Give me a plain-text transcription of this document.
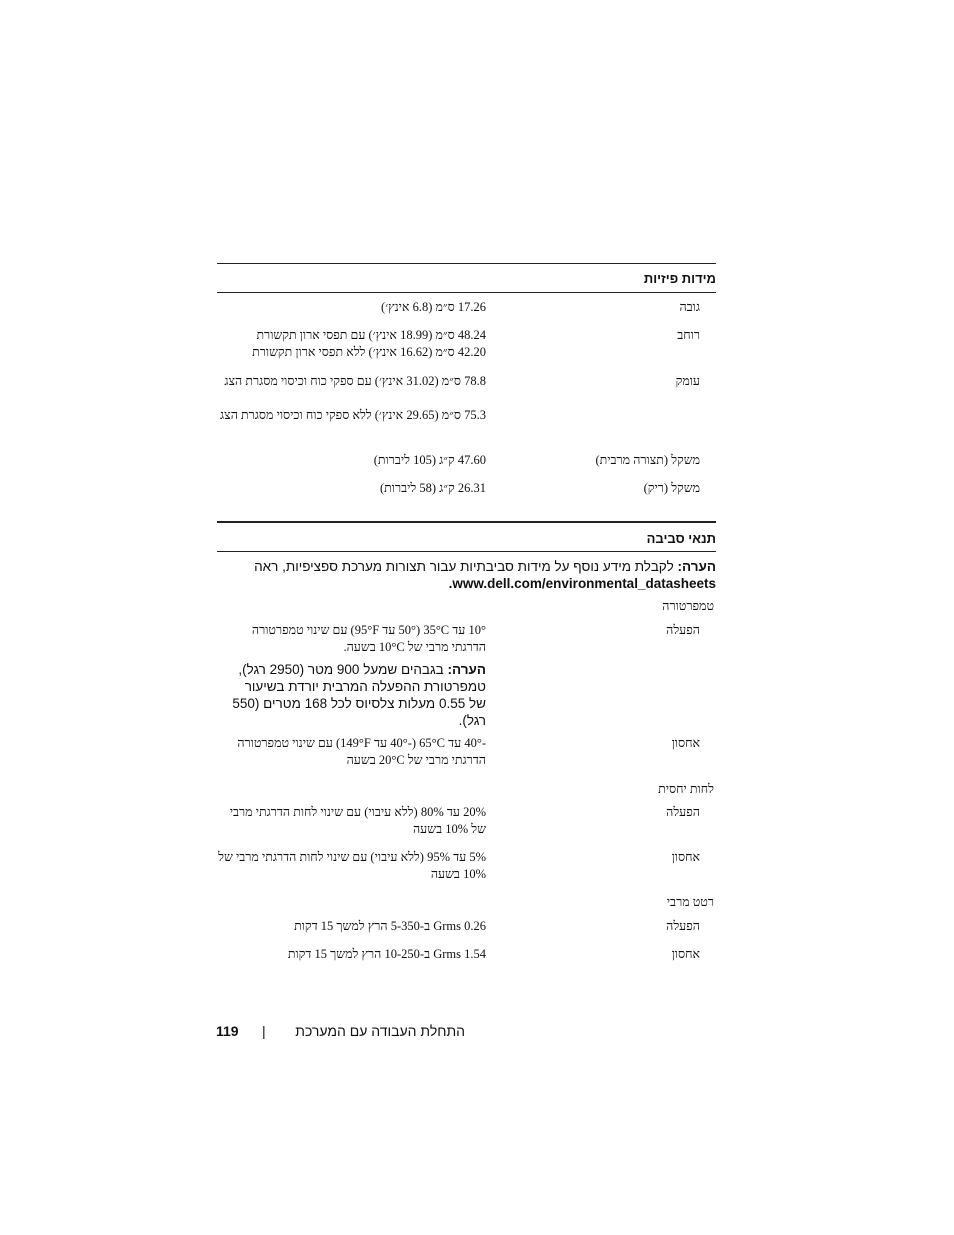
מידות פיזיות
גובה
17.26 ס״מ (6.8 אינץ׳)
רוחב
48.24 ס״מ (18.99 אינץ׳) עם תפסי ארון תקשורת
42.20 ס״מ (16.62 אינץ׳) ללא תפסי ארון תקשורת
עומק
78.8 ס״מ (31.02 אינץ׳) עם ספקי כוח וכיסוי מסגרת הצג
75.3 ס״מ (29.65 אינץ׳) ללא ספקי כוח וכיסוי מסגרת הצג
משקל (תצורה מרבית)
47.60 ק״ג (105 ליברות)
משקל (ריק)
26.31 ק״ג (58 ליברות)
תנאי סביבה
הערה: לקבלת מידע נוסף על מידות סביבתיות עבור תצורות מערכת ספציפיות, ראה
www.dell.com/environmental_datasheets.
טמפרטורה
הפעלה
10° עד 35°C (50° עד 95°F) עם שינוי טמפרטורה הדרגתי מרבי של 10°C בשעה.
הערה: בגבהים שמעל 900 מטר (2950 רגל), טמפרטורת ההפעלה המרבית יורדת בשיעור של 0.55 מעלות צלסיוס לכל 168 מטרים (550 רגל).
אחסון
-40° עד 65°C (-40° עד 149°F) עם שינוי טמפרטורה הדרגתי מרבי של 20°C בשעה
לחות יחסית
הפעלה
20% עד 80% (ללא עיבוי) עם שינוי לחות הדרגתי מרבי של 10% בשעה
אחסון
5% עד 95% (ללא עיבוי) עם שינוי לחות הדרגתי מרבי של 10% בשעה
רטט מרבי
הפעלה
0.26 Grms ב-5-350 הרץ למשך 15 דקות
אחסון
1.54 Grms ב-10-250 הרץ למשך 15 דקות
119 | התחלת העבודה עם המערכת
